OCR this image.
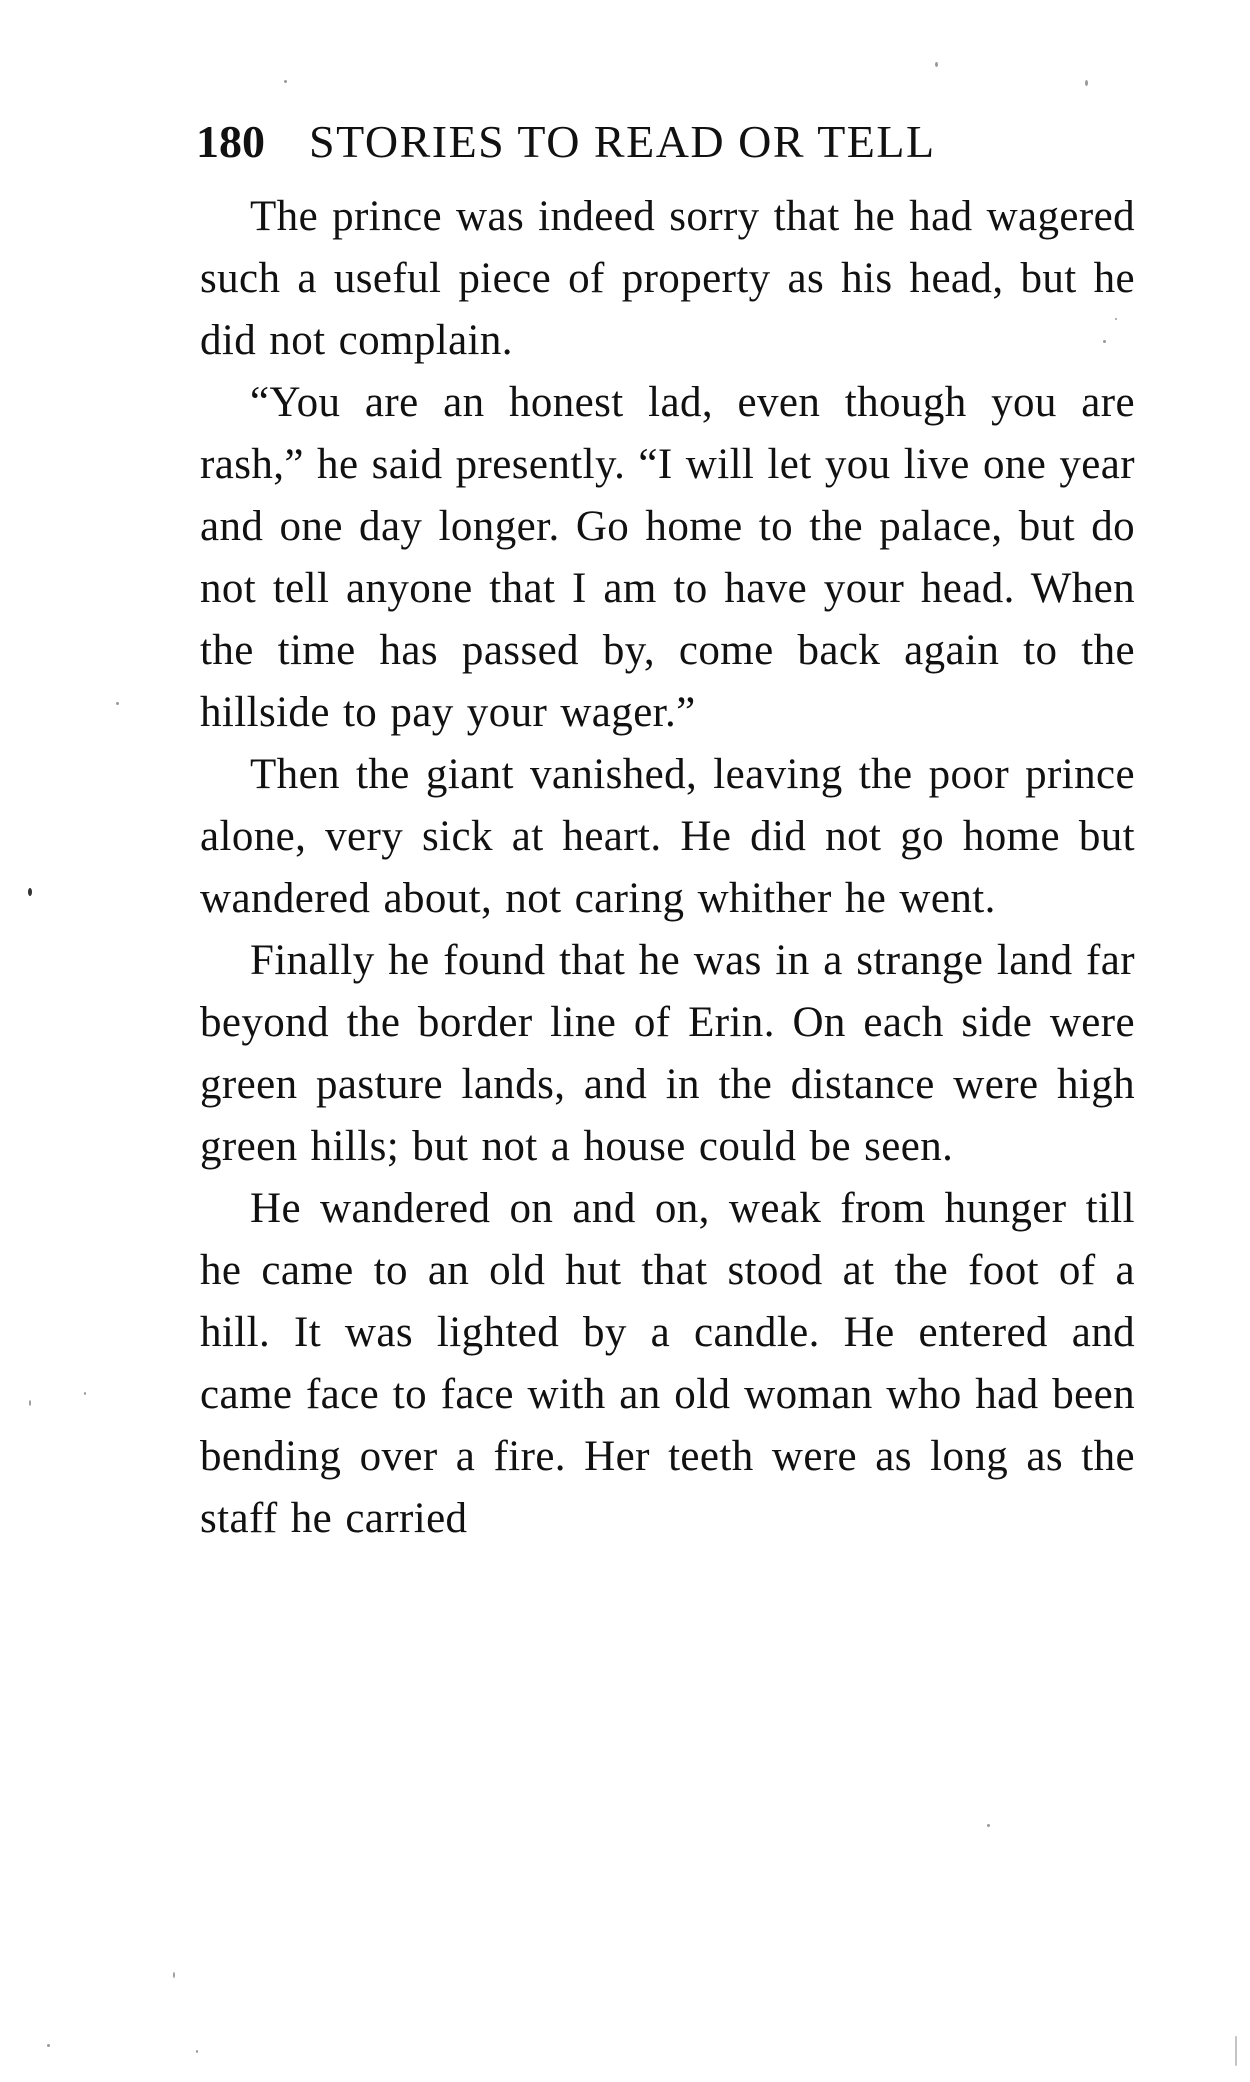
180 STORIES TO READ OR TELL

The prince was indeed sorry that he had wagered such a useful piece of property as his head, but he did not complain.

“You are an honest lad, even though you are rash,” he said presently. “I will let you live one year and one day longer. Go home to the palace, but do not tell anyone that I am to have your head. When the time has passed by, come back again to the hillside to pay your wager.”

Then the giant vanished, leaving the poor prince alone, very sick at heart. He did not go home but wandered about, not caring whither he went.

Finally he found that he was in a strange land far beyond the border line of Erin. On each side were green pasture lands, and in the distance were high green hills; but not a house could be seen.

He wandered on and on, weak from hunger till he came to an old hut that stood at the foot of a hill. It was lighted by a candle. He entered and came face to face with an old woman who had been bending over a fire. Her teeth were as long as the staff he carried
